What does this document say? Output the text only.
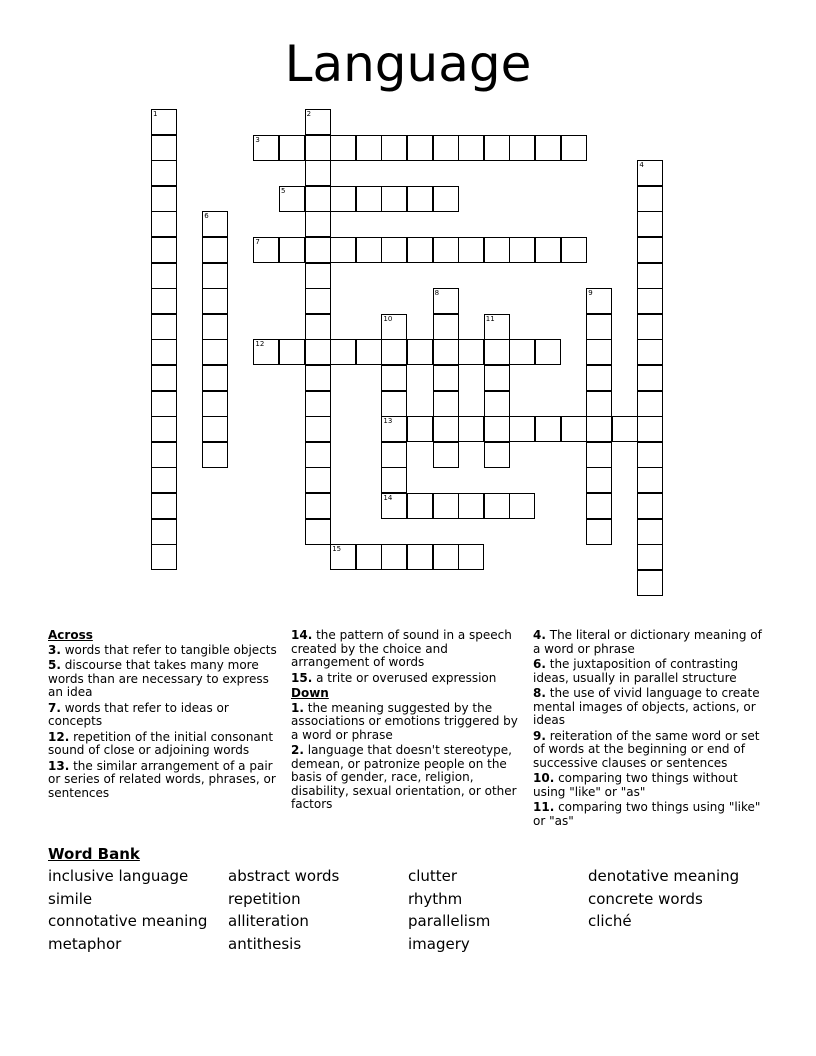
Language
1	2
3
4
5
6
7
8	9
10
13
11
12
14
15
Across
3. words that refer to tangible objects
5. discourse that takes many more words than are necessary to express an idea
7. words that refer to ideas or concepts
12. repetition of the initial consonant sound of close or adjoining words
13. the similar arrangement of a pair or series of related words, phrases, or sentences
14. the pattern of sound in a speech created by the choice and arrangement of words
15. a trite or overused expression
Down
1. the meaning suggested by the associations or emotions triggered by a word or phrase
2. language that doesn't stereotype, demean, or patronize people on the basis of gender, race, religion, disability, sexual orientation, or other factors
4. The literal or dictionary meaning of a word or phrase
6. the juxtaposition of contrasting ideas, usually in parallel structure
8. the use of vivid language to create mental images of objects, actions, or ideas
9. reiteration of the same word or set of words at the beginning or end of successive clauses or sentences
10. comparing two things without using "like" or "as"
11. comparing two things using "like" or "as"
Word Bank
inclusive language
simile
connotative meaning
metaphor
abstract words
repetition
alliteration
antithesis
clutter
rhythm
parallelism
imagery
denotative meaning
concrete words
cliché
